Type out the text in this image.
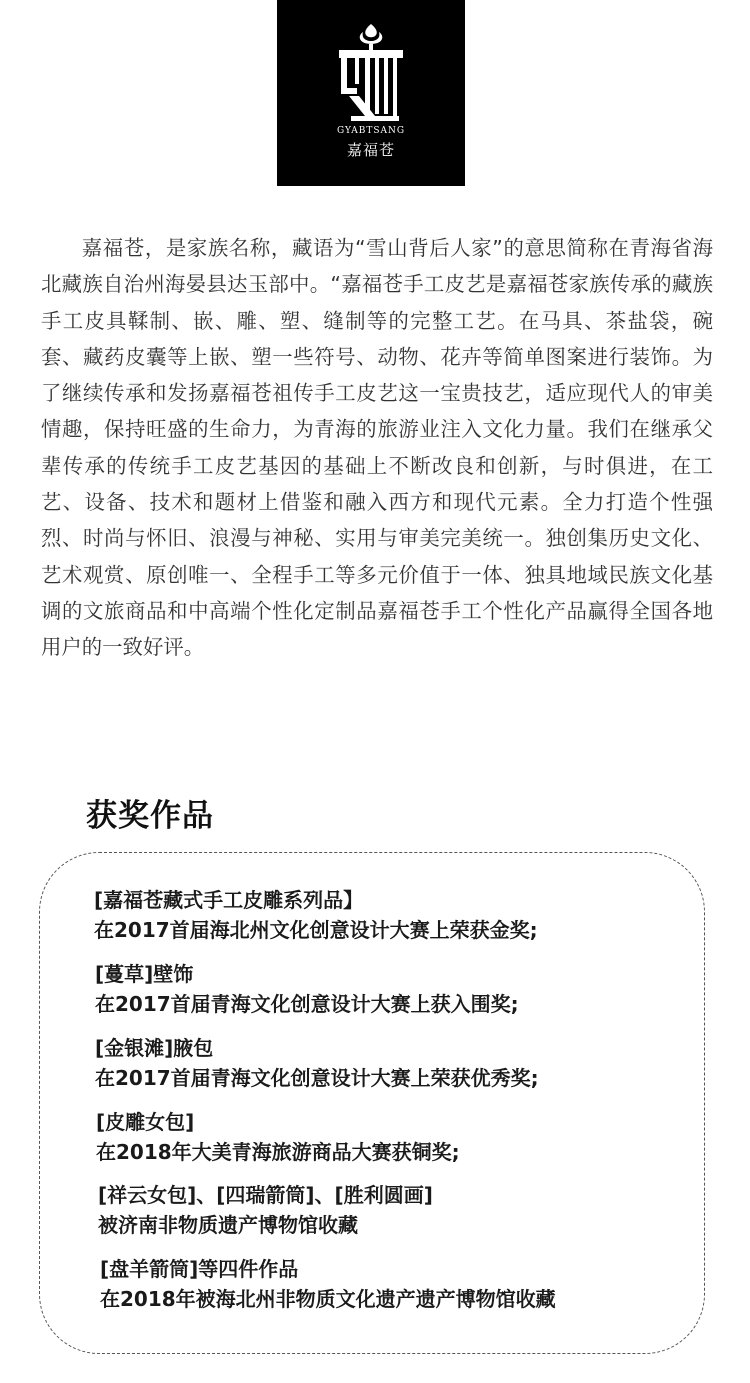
GYABTSANG
嘉福苍

嘉福苍，是家族名称，藏语为“雪山背后人家”的意思简称在青海省海北藏族自治州海晏县达玉部中。“嘉福苍手工皮艺是嘉福苍家族传承的藏族手工皮具鞣制、嵌、雕、塑、缝制等的完整工艺。在马具、茶盐袋，碗套、藏药皮囊等上嵌、塑一些符号、动物、花卉等简单图案进行装饰。为了继续传承和发扬嘉福苍祖传手工皮艺这一宝贵技艺，适应现代人的审美情趣，保持旺盛的生命力，为青海的旅游业注入文化力量。我们在继承父辈传承的传统手工皮艺基因的基础上不断改良和创新，与时俱进，在工艺、设备、技术和题材上借鉴和融入西方和现代元素。全力打造个性强烈、时尚与怀旧、浪漫与神秘、实用与审美完美统一。独创集历史文化、艺术观赏、原创唯一、全程手工等多元价值于一体、独具地域民族文化基调的文旅商品和中高端个性化定制品嘉福苍手工个性化产品赢得全国各地用户的一致好评。

获奖作品
[嘉福苍藏式手工皮雕系列品】
在2017首届海北州文化创意设计大赛上荣获金奖;
[蔓草]壁饰
在2017首届青海文化创意设计大赛上获入围奖;
[金银滩]腋包
在2017首届青海文化创意设计大赛上荣获优秀奖;
[皮雕女包]
在2018年大美青海旅游商品大赛获铜奖;
[祥云女包]、[四瑞箭筒]、[胜利圆画]
被济南非物质遗产博物馆收藏
[盘羊箭筒]等四件作品
在2018年被海北州非物质文化遗产遗产博物馆收藏
